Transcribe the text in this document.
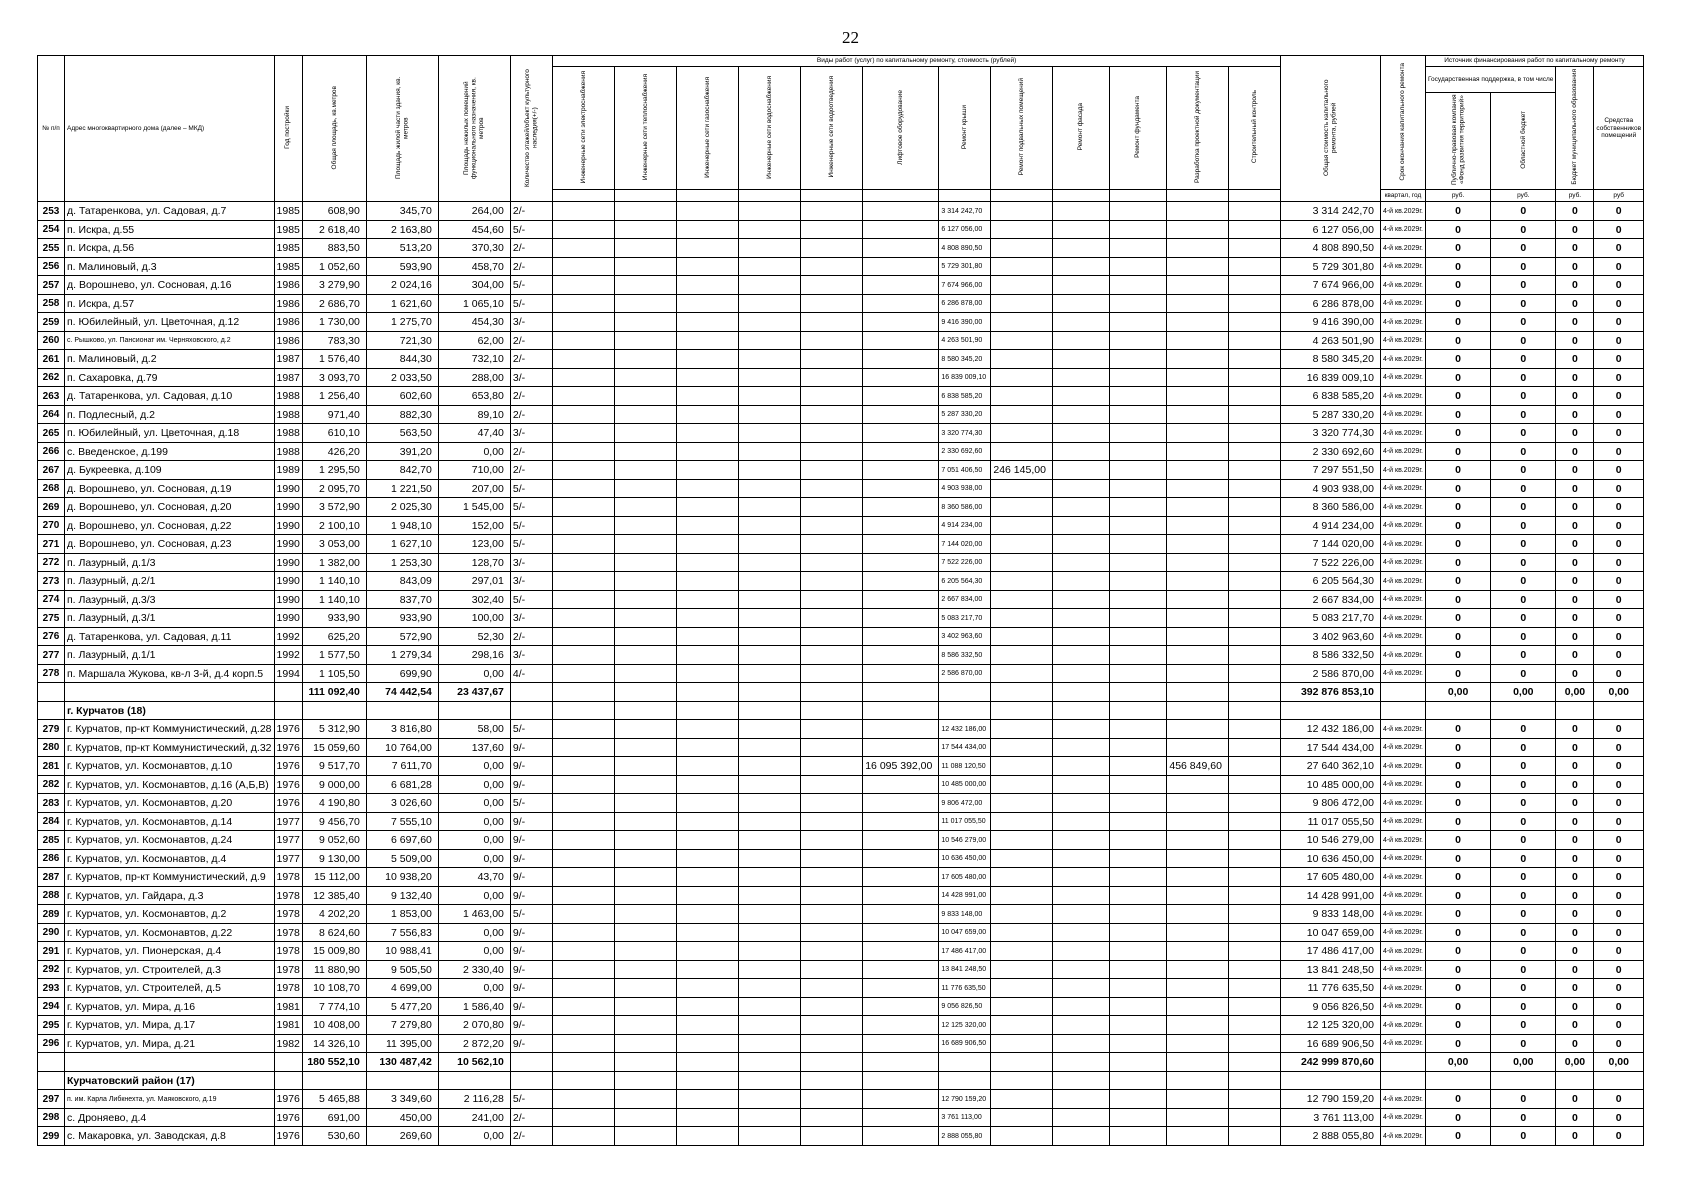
22
№ п/п	Адрес многоквартирного дома (далее – МКД)	Год постройки	Общая площадь, кв.метров	Площадь жилой части здания, кв. метров	Площадь нежилых помещений функционального назначения, кв. метров	Количество этажей/объект культурного наследия(+/-)	Виды работ (услуг) по капитальному ремонту, стоимость (рублей)												Общая стоимость капитального ремонта, рублей	Срок окончания капитального ремонта	Источник финансирования работ по капитальному ремонту			
							Инженерные сети электроснабжения	Инженерные сети теплоснабжения	Инженерные сети газоснабжения	Инженерные сети водоснабжения	Инженерные сети водоотведения	Лифтовое оборудование	Ремонт крыши	Ремонт подвальных помещений	Ремонт фасада	Ремонт фундамента	Разработка проектной документации	Строительный контроль			Государственная поддержка, в том числе		Бюджет муниципального образования	Средства собственников помещений
																					Публично-правовая компания «Фонд развития территорий»	Областной бюджет		
																				квартал, год	руб.	руб.	руб.	руб
253	д. Татаренкова, ул. Садовая, д.7	1985	608,90	345,70	264,00	2/-							3 314 242,70						3 314 242,70	4-й кв.2029г.	0	0	0	0
254	п. Искра, д.55	1985	2 618,40	2 163,80	454,60	5/-							6 127 056,00						6 127 056,00	4-й кв.2029г.	0	0	0	0
255	п. Искра, д.56	1985	883,50	513,20	370,30	2/-							4 808 890,50						4 808 890,50	4-й кв.2029г.	0	0	0	0
256	п. Малиновый, д.3	1985	1 052,60	593,90	458,70	2/-							5 729 301,80						5 729 301,80	4-й кв.2029г.	0	0	0	0
257	д. Ворошнево, ул. Сосновая, д.16	1986	3 279,90	2 024,16	304,00	5/-							7 674 966,00						7 674 966,00	4-й кв.2029г.	0	0	0	0
258	п. Искра, д.57	1986	2 686,70	1 621,60	1 065,10	5/-							6 286 878,00						6 286 878,00	4-й кв.2029г.	0	0	0	0
259	п. Юбилейный, ул. Цветочная, д.12	1986	1 730,00	1 275,70	454,30	3/-							9 416 390,00						9 416 390,00	4-й кв.2029г.	0	0	0	0
260	с. Рышково, ул. Пансионат им. Черняховского, д.2	1986	783,30	721,30	62,00	2/-							4 263 501,90						4 263 501,90	4-й кв.2029г.	0	0	0	0
261	п. Малиновый, д.2	1987	1 576,40	844,30	732,10	2/-							8 580 345,20						8 580 345,20	4-й кв.2029г.	0	0	0	0
262	п. Сахаровка, д.79	1987	3 093,70	2 033,50	288,00	3/-							16 839 009,10						16 839 009,10	4-й кв.2029г.	0	0	0	0
263	д. Татаренкова, ул. Садовая, д.10	1988	1 256,40	602,60	653,80	2/-							6 838 585,20						6 838 585,20	4-й кв.2029г.	0	0	0	0
264	п. Подлесный, д.2	1988	971,40	882,30	89,10	2/-							5 287 330,20						5 287 330,20	4-й кв.2029г.	0	0	0	0
265	п. Юбилейный, ул. Цветочная, д.18	1988	610,10	563,50	47,40	3/-							3 320 774,30						3 320 774,30	4-й кв.2029г.	0	0	0	0
266	с. Введенское, д.199	1988	426,20	391,20	0,00	2/-							2 330 692,60						2 330 692,60	4-й кв.2029г.	0	0	0	0
267	д. Букреевка, д.109	1989	1 295,50	842,70	710,00	2/-							7 051 406,50	246 145,00					7 297 551,50	4-й кв.2029г.	0	0	0	0
268	д. Ворошнево, ул. Сосновая, д.19	1990	2 095,70	1 221,50	207,00	5/-							4 903 938,00						4 903 938,00	4-й кв.2029г.	0	0	0	0
269	д. Ворошнево, ул. Сосновая, д.20	1990	3 572,90	2 025,30	1 545,00	5/-							8 360 586,00						8 360 586,00	4-й кв.2029г.	0	0	0	0
270	д. Ворошнево, ул. Сосновая, д.22	1990	2 100,10	1 948,10	152,00	5/-							4 914 234,00						4 914 234,00	4-й кв.2029г.	0	0	0	0
271	д. Ворошнево, ул. Сосновая, д.23	1990	3 053,00	1 627,10	123,00	5/-							7 144 020,00						7 144 020,00	4-й кв.2029г.	0	0	0	0
272	п. Лазурный, д.1/3	1990	1 382,00	1 253,30	128,70	3/-							7 522 226,00						7 522 226,00	4-й кв.2029г.	0	0	0	0
273	п. Лазурный, д.2/1	1990	1 140,10	843,09	297,01	3/-							6 205 564,30						6 205 564,30	4-й кв.2029г.	0	0	0	0
274	п. Лазурный, д.3/3	1990	1 140,10	837,70	302,40	5/-							2 667 834,00						2 667 834,00	4-й кв.2029г.	0	0	0	0
275	п. Лазурный, д.3/1	1990	933,90	933,90	100,00	3/-							5 083 217,70						5 083 217,70	4-й кв.2029г.	0	0	0	0
276	д. Татаренкова, ул. Садовая, д.11	1992	625,20	572,90	52,30	2/-							3 402 963,60						3 402 963,60	4-й кв.2029г.	0	0	0	0
277	п. Лазурный, д.1/1	1992	1 577,50	1 279,34	298,16	3/-							8 586 332,50						8 586 332,50	4-й кв.2029г.	0	0	0	0
278	п. Маршала Жукова, кв-л 3-й, д.4 корп.5	1994	1 105,50	699,90	0,00	4/-							2 586 870,00						2 586 870,00	4-й кв.2029г.	0	0	0	0
			111 092,40	74 442,54	23 437,67														392 876 853,10		0,00	0,00	0,00	0,00
	г. Курчатов (18)																							
279	г. Курчатов, пр-кт Коммунистический, д.28	1976	5 312,90	3 816,80	58,00	5/-							12 432 186,00						12 432 186,00	4-й кв.2029г.	0	0	0	0
280	г. Курчатов, пр-кт Коммунистический, д.32	1976	15 059,60	10 764,00	137,60	9/-							17 544 434,00						17 544 434,00	4-й кв.2029г.	0	0	0	0
281	г. Курчатов, ул. Космонавтов, д.10	1976	9 517,70	7 611,70	0,00	9/-						16 095 392,00	11 088 120,50				456 849,60		27 640 362,10	4-й кв.2029г.	0	0	0	0
282	г. Курчатов, ул. Космонавтов, д.16 (А,Б,В)	1976	9 000,00	6 681,28	0,00	9/-							10 485 000,00						10 485 000,00	4-й кв.2029г.	0	0	0	0
283	г. Курчатов, ул. Космонавтов, д.20	1976	4 190,80	3 026,60	0,00	5/-							9 806 472,00						9 806 472,00	4-й кв.2029г.	0	0	0	0
284	г. Курчатов, ул. Космонавтов, д.14	1977	9 456,70	7 555,10	0,00	9/-							11 017 055,50						11 017 055,50	4-й кв.2029г.	0	0	0	0
285	г. Курчатов, ул. Космонавтов, д.24	1977	9 052,60	6 697,60	0,00	9/-							10 546 279,00						10 546 279,00	4-й кв.2029г.	0	0	0	0
286	г. Курчатов, ул. Космонавтов, д.4	1977	9 130,00	5 509,00	0,00	9/-							10 636 450,00						10 636 450,00	4-й кв.2029г.	0	0	0	0
287	г. Курчатов, пр-кт Коммунистический, д.9	1978	15 112,00	10 938,20	43,70	9/-							17 605 480,00						17 605 480,00	4-й кв.2029г.	0	0	0	0
288	г. Курчатов, ул. Гайдара, д.3	1978	12 385,40	9 132,40	0,00	9/-							14 428 991,00						14 428 991,00	4-й кв.2029г.	0	0	0	0
289	г. Курчатов, ул. Космонавтов, д.2	1978	4 202,20	1 853,00	1 463,00	5/-							9 833 148,00						9 833 148,00	4-й кв.2029г.	0	0	0	0
290	г. Курчатов, ул. Космонавтов, д.22	1978	8 624,60	7 556,83	0,00	9/-							10 047 659,00						10 047 659,00	4-й кв.2029г.	0	0	0	0
291	г. Курчатов, ул. Пионерская, д.4	1978	15 009,80	10 988,41	0,00	9/-							17 486 417,00						17 486 417,00	4-й кв.2029г.	0	0	0	0
292	г. Курчатов, ул. Строителей, д.3	1978	11 880,90	9 505,50	2 330,40	9/-							13 841 248,50						13 841 248,50	4-й кв.2029г.	0	0	0	0
293	г. Курчатов, ул. Строителей, д.5	1978	10 108,70	4 699,00	0,00	9/-							11 776 635,50						11 776 635,50	4-й кв.2029г.	0	0	0	0
294	г. Курчатов, ул. Мира, д.16	1981	7 774,10	5 477,20	1 586,40	9/-							9 056 826,50						9 056 826,50	4-й кв.2029г.	0	0	0	0
295	г. Курчатов, ул. Мира, д.17	1981	10 408,00	7 279,80	2 070,80	9/-							12 125 320,00						12 125 320,00	4-й кв.2029г.	0	0	0	0
296	г. Курчатов, ул. Мира, д.21	1982	14 326,10	11 395,00	2 872,20	9/-							16 689 906,50						16 689 906,50	4-й кв.2029г.	0	0	0	0
			180 552,10	130 487,42	10 562,10														242 999 870,60		0,00	0,00	0,00	0,00
	Курчатовский район (17)																							
297	п. им. Карла Либкнехта, ул. Маяковского, д.19	1976	5 465,88	3 349,60	2 116,28	5/-							12 790 159,20						12 790 159,20	4-й кв.2029г.	0	0	0	0
298	с. Дроняево, д.4	1976	691,00	450,00	241,00	2/-							3 761 113,00						3 761 113,00	4-й кв.2029г.	0	0	0	0
299	с. Макаровка, ул. Заводская, д.8	1976	530,60	269,60	0,00	2/-							2 888 055,80						2 888 055,80	4-й кв.2029г.	0	0	0	0
